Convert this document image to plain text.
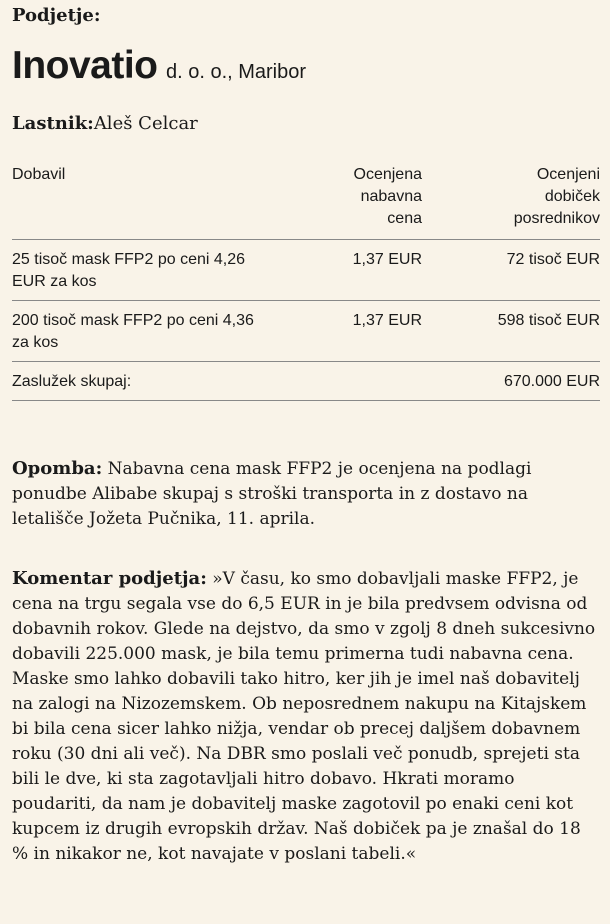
Podjetje:

Inovatio d. o. o., Maribor
Lastnik:Aleš Celcar
Dobavil	Ocenjena nabavna cena	Ocenjeni dobiček posrednikov
25 tisoč mask FFP2 po ceni 4,26 EUR za kos	1,37 EUR	72 tisoč EUR
200 tisoč mask FFP2 po ceni 4,36 za kos	1,37 EUR	598 tisoč EUR
Zaslužek skupaj:		670.000 EUR

Opomba: Nabavna cena mask FFP2 je ocenjena na podlagi ponudbe Alibabe skupaj s stroški transporta in z dostavo na letališče Jožeta Pučnika, 11. aprila.

Komentar podjetja: »V času, ko smo dobavljali maske FFP2, je cena na trgu segala vse do 6,5 EUR in je bila predvsem odvisna od dobavnih rokov. Glede na dejstvo, da smo v zgolj 8 dneh sukcesivno dobavili 225.000 mask, je bila temu primerna tudi nabavna cena. Maske smo lahko dobavili tako hitro, ker jih je imel naš dobavitelj na zalogi na Nizozemskem. Ob neposrednem nakupu na Kitajskem bi bila cena sicer lahko nižja, vendar ob precej daljšem dobavnem roku (30 dni ali več). Na DBR smo poslali več ponudb, sprejeti sta bili le dve, ki sta zagotavljali hitro dobavo. Hkrati moramo poudariti, da nam je dobavitelj maske zagotovil po enaki ceni kot kupcem iz drugih evropskih držav. Naš dobiček pa je znašal do 18 % in nikakor ne, kot navajate v poslani tabeli.«
